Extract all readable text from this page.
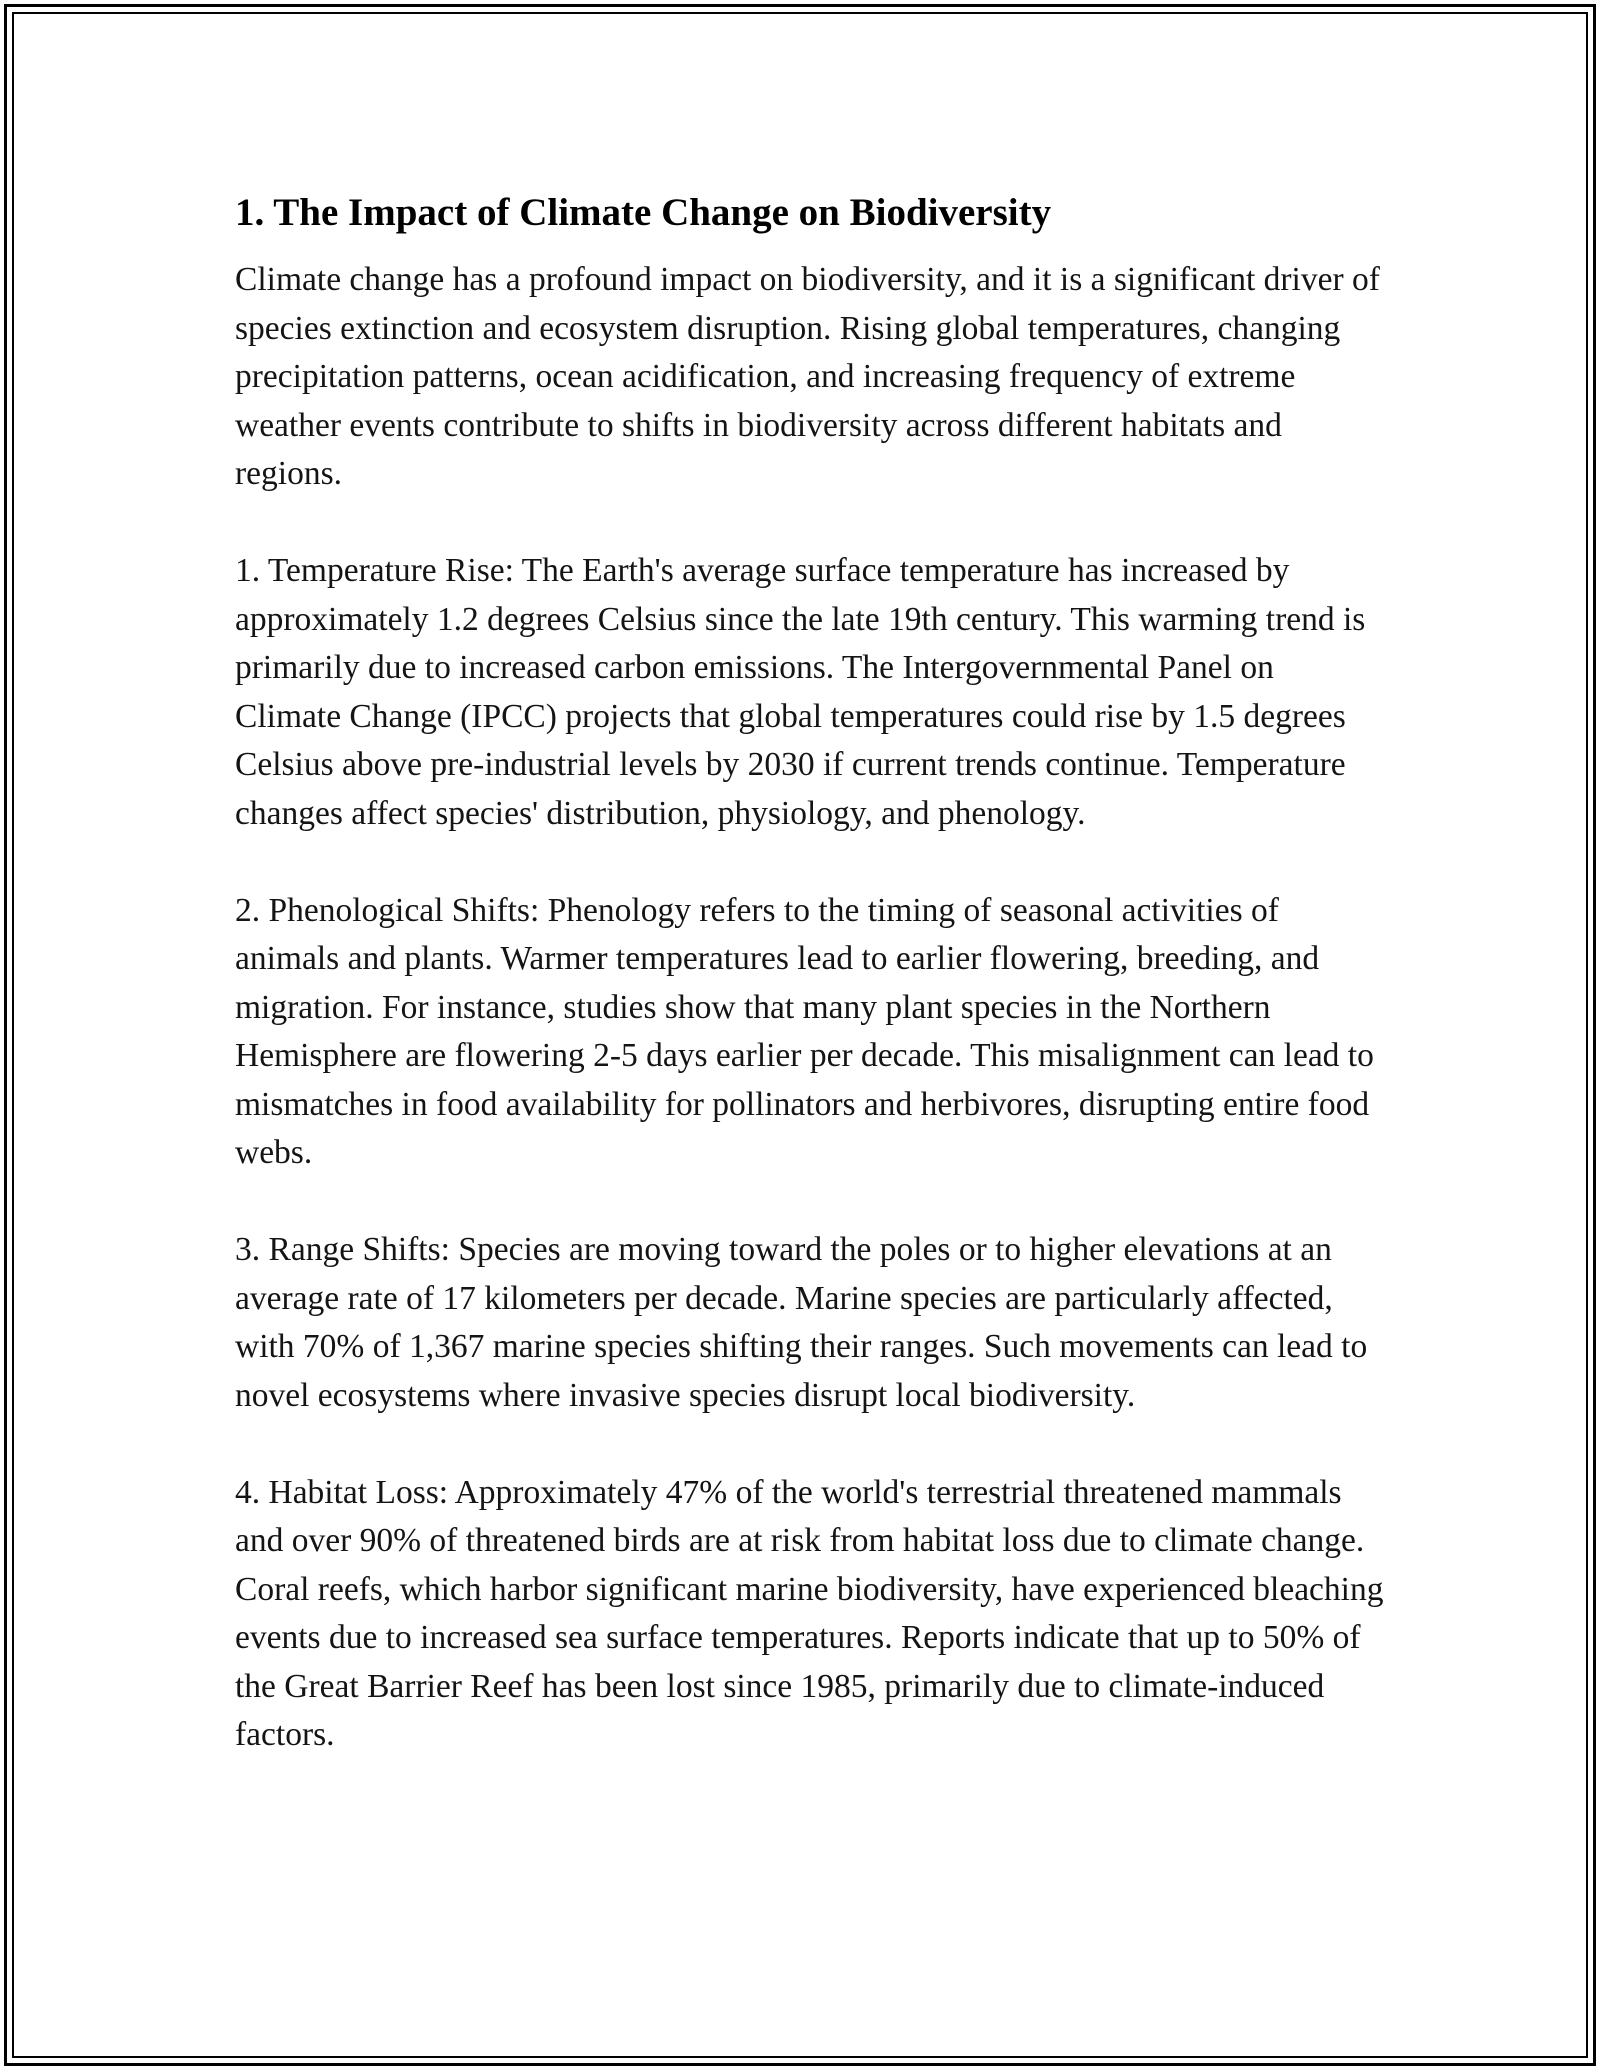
1. The Impact of Climate Change on Biodiversity

Climate change has a profound impact on biodiversity, and it is a significant driver of species extinction and ecosystem disruption. Rising global temperatures, changing precipitation patterns, ocean acidification, and increasing frequency of extreme weather events contribute to shifts in biodiversity across different habitats and regions.

1. Temperature Rise: The Earth's average surface temperature has increased by approximately 1.2 degrees Celsius since the late 19th century. This warming trend is primarily due to increased carbon emissions. The Intergovernmental Panel on Climate Change (IPCC) projects that global temperatures could rise by 1.5 degrees Celsius above pre-industrial levels by 2030 if current trends continue. Temperature changes affect species' distribution, physiology, and phenology.

2. Phenological Shifts: Phenology refers to the timing of seasonal activities of animals and plants. Warmer temperatures lead to earlier flowering, breeding, and migration. For instance, studies show that many plant species in the Northern Hemisphere are flowering 2-5 days earlier per decade. This misalignment can lead to mismatches in food availability for pollinators and herbivores, disrupting entire food webs.

3. Range Shifts: Species are moving toward the poles or to higher elevations at an average rate of 17 kilometers per decade. Marine species are particularly affected, with 70% of 1,367 marine species shifting their ranges. Such movements can lead to novel ecosystems where invasive species disrupt local biodiversity.

4. Habitat Loss: Approximately 47% of the world's terrestrial threatened mammals and over 90% of threatened birds are at risk from habitat loss due to climate change. Coral reefs, which harbor significant marine biodiversity, have experienced bleaching events due to increased sea surface temperatures. Reports indicate that up to 50% of the Great Barrier Reef has been lost since 1985, primarily due to climate-induced factors.
